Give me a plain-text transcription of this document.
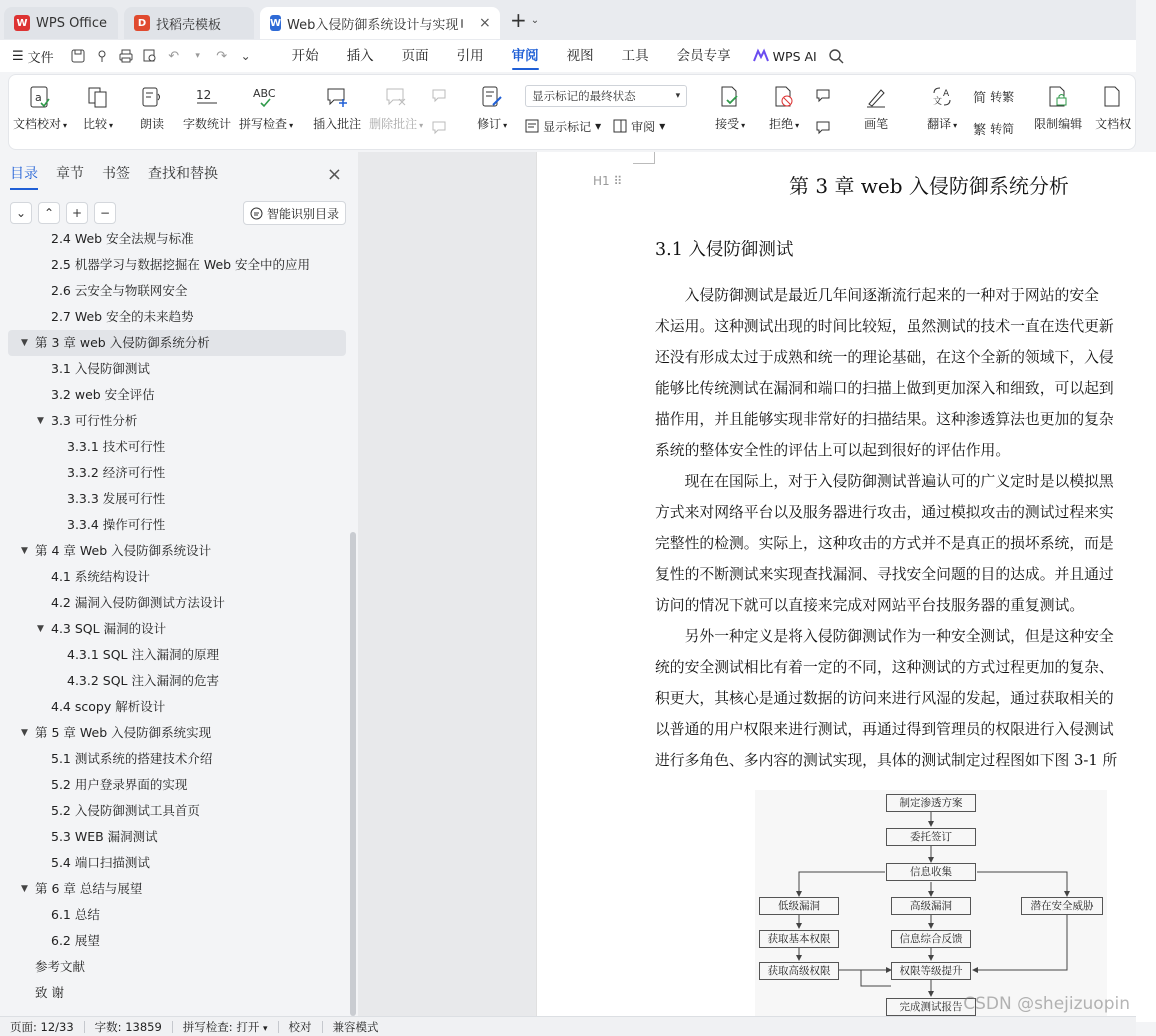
W WPS Office	D 找稻壳模板	W Web入侵防御系统设计与实现 × + ⌄
☰ 文件	↶	▾	↷	⌄	开始	插入	页面	引用	审阅	视图	工具	会员专享	WPS AI
a
文档校对 ▾ 比较 ▾ 朗读
12
字数统计
ABC
拼写检查 ▾ 插入批注 删除批注 ▾	修订 ▾
显示标记的最终状态	▾
显示标记 ▾	审阅 ▾	接受 ▾ 拒绝 ▾	画笔
文
A
翻译 ▾
简 转繁
繁 转简 限制编辑 文档权
目录 章节 书签 查找和替换	×
⌄	⌃	+	−	智能识别目录
2.4 Web 安全法规与标准
2.5 机器学习与数据挖掘在 Web 安全中的应用
2.6 云安全与物联网安全
2.7 Web 安全的未来趋势
▼ 第 3 章 web 入侵防御系统分析
3.1 入侵防御测试
3.2 web 安全评估
▼ 3.3 可行性分析
3.3.1 技术可行性
3.3.2 经济可行性
3.3.3 发展可行性
3.3.4 操作可行性
▼ 第 4 章 Web 入侵防御系统设计
4.1 系统结构设计
4.2 漏洞入侵防御测试方法设计
▼ 4.3 SQL 漏洞的设计
4.3.1 SQL 注入漏洞的原理
4.3.2 SQL 注入漏洞的危害
4.4 scopy 解析设计
▼ 第 5 章 Web 入侵防御系统实现
5.1 测试系统的搭建技术介绍
5.2 用户登录界面的实现
5.2 入侵防御测试工具首页
5.3 WEB 漏洞测试
5.4 端口扫描测试
▼ 第 6 章 总结与展望
6.1 总结
6.2 展望
参考文献
致 谢
H1 ⠿	第 3 章 web 入侵防御系统分析
3.1 入侵防御测试
　　入侵防御测试是最近几年间逐渐流行起来的一种对于网站的安全
术运用。这种测试出现的时间比较短，虽然测试的技术一直在迭代更新
还没有形成太过于成熟和统一的理论基础，在这个全新的领域下，入侵
能够比传统测试在漏洞和端口的扫描上做到更加深入和细致，可以起到
描作用，并且能够实现非常好的扫描结果。这种渗透算法也更加的复杂
系统的整体安全性的评估上可以起到很好的评估作用。
　　现在在国际上，对于入侵防御测试普遍认可的广义定时是以模拟黑
方式来对网络平台以及服务器进行攻击，通过模拟攻击的测试过程来实
完整性的检测。实际上，这种攻击的方式并不是真正的损坏系统，而是
复性的不断测试来实现查找漏洞、寻找安全问题的目的达成。并且通过
访问的情况下就可以直接来完成对网站平台技服务器的重复测试。
　　另外一种定义是将入侵防御测试作为一种安全测试，但是这种安全
统的安全测试相比有着一定的不同，这种测试的方式过程更加的复杂、
积更大，其核心是通过数据的访问来进行风湿的发起，通过获取相关的
以普通的用户权限来进行测试，再通过得到管理员的权限进行入侵测试
进行多角色、多内容的测试实现，具体的测试制定过程图如下图 3-1 所
制定渗透方案
委托签订
信息收集
低级漏洞	高级漏洞	潜在安全威胁
获取基本权限	信息综合反馈
获取高级权限	权限等级提升
完成测试报告 CSDN @shejizuopin
页面: 12/33	字数: 13859	拼写检查: 打开 ▾	校对	兼容模式
